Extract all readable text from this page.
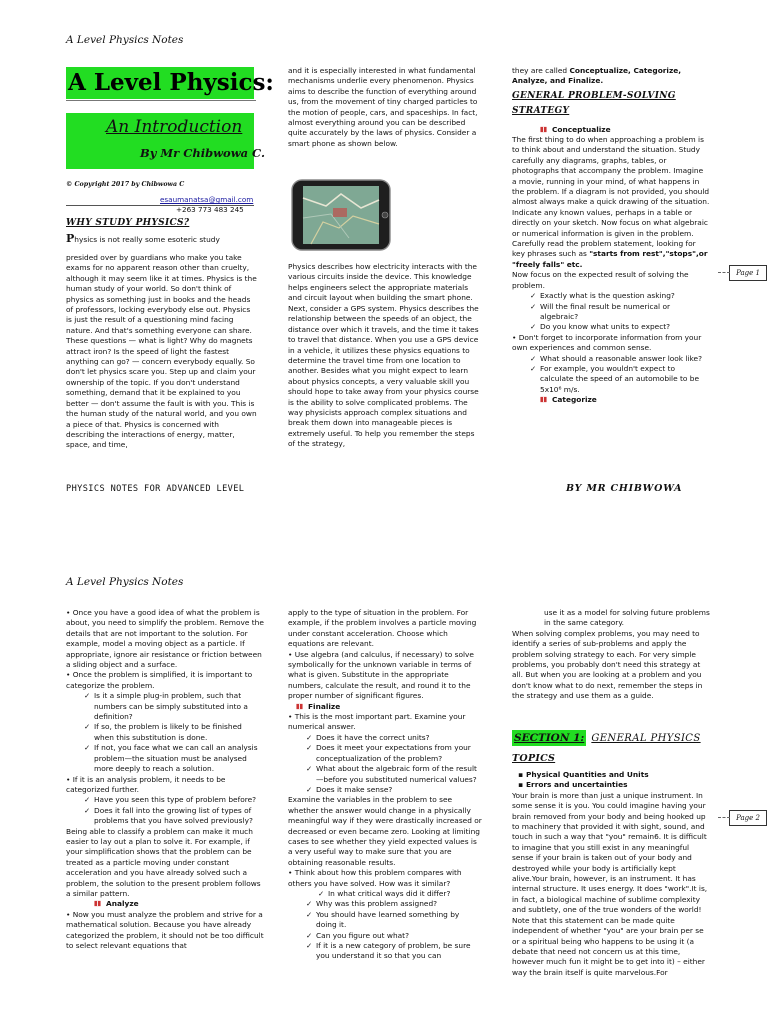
A Level Physics Notes
A Level Physics:
An Introduction
By Mr Chibwowa C.
© Copyright 2017 by Chibwowa C
esaumanatsa@gmail.com
+263 773 483 245
WHY STUDY PHYSICS?
Physics is not really some esoteric study
presided over by guardians who make you take exams for no apparent reason other than cruelty, although it may seem like it at times. Physics is the human study of your world. So don't think of physics as something just in books and the heads of professors, locking everybody else out. Physics is just the result of a questioning mind facing nature. And that's something everyone can share. These questions — what is light? Why do magnets attract iron? Is the speed of light the fastest anything can go? — concern everybody equally. So don't let physics scare you. Step up and claim your ownership of the topic. If you don't understand something, demand that it be explained to you better — don't assume the fault is with you. This is the human study of the natural world, and you own a piece of that. Physics is concerned with describing the interactions of energy, matter, space, and time,
and it is especially interested in what fundamental mechanisms underlie every phenomenon. Physics aims to describe the function of everything around us, from the movement of tiny charged particles to the motion of people, cars, and spaceships. In fact, almost everything around you can be described quite accurately by the laws of physics. Consider a smart phone as shown below.
Physics describes how electricity interacts with the various circuits inside the device. This knowledge helps engineers select the appropriate materials and circuit layout when building the smart phone.
Next, consider a GPS system. Physics describes the relationship between the speeds of an object, the distance over which it travels, and the time it takes to travel that distance. When you use a GPS device in a vehicle, it utilizes these physics equations to determine the travel time from one location to another. Besides what you might expect to learn about physics concepts, a very valuable skill you should hope to take away from your physics course is the ability to solve complicated problems. The way physicists approach complex situations and break them down into manageable pieces is extremely useful. To help you remember the steps of the strategy,
they are called Conceptualize, Categorize, Analyze, and Finalize.
GENERAL PROBLEM-SOLVING STRATEGY
Conceptualize
The first thing to do when approaching a problem is to think about and understand the situation. Study carefully any diagrams, graphs, tables, or photographs that accompany the problem. Imagine a movie, running in your mind, of what happens in the problem. If a diagram is not provided, you should almost always make a quick drawing of the situation. Indicate any known values, perhaps in a table or directly on your sketch. Now focus on what algebraic or numerical information is given in the problem. Carefully read the problem statement, looking for key phrases such as "starts from rest","stops",or "freely falls" etc.

Now focus on the expected result of solving the problem.

✓ Exactly what is the question asking?

✓ Will the final result be numerical or algebraic?

✓ Do you know what units to expect?

• Don't forget to incorporate information from your own experiences and common sense.

✓ What should a reasonable answer look like?

✓ For example, you wouldn't expect to calculate the speed of an automobile to be 5x10⁶ m/s.

Categorize

Page 1
PHYSICS NOTES FOR ADVANCED LEVEL	BY MR CHIBWOWA
A Level Physics Notes

• Once you have a good idea of what the problem is about, you need to simplify the problem. Remove the details that are not important to the solution. For example, model a moving object as a particle. If appropriate, ignore air resistance or friction between a sliding object and a surface.

• Once the problem is simplified, it is important to categorize the problem.

✓ Is it a simple plug-in problem, such that numbers can be simply substituted into a definition?

✓ If so, the problem is likely to be finished when this substitution is done.

✓ If not, you face what we can call an analysis problem—the situation must be analysed more deeply to reach a solution.

• If it is an analysis problem, it needs to be categorized further.

✓ Have you seen this type of problem before?

✓ Does it fall into the growing list of types of problems that you have solved previously?

Being able to classify a problem can make it much easier to lay out a plan to solve it. For example, if your simplification shows that the problem can be treated as a particle moving under constant acceleration and you have already solved such a problem, the solution to the present problem follows a similar pattern.

Analyze

• Now you must analyze the problem and strive for a mathematical solution. Because you have already categorized the problem, it should not be too difficult to select relevant equations that

apply to the type of situation in the problem. For example, if the problem involves a particle moving under constant acceleration. Choose which equations are relevant.

• Use algebra (and calculus, if necessary) to solve symbolically for the unknown variable in terms of what is given. Substitute in the appropriate numbers, calculate the result, and round it to the proper number of significant figures.

Finalize

• This is the most important part. Examine your numerical answer.

✓ Does it have the correct units?

✓ Does it meet your expectations from your conceptualization of the problem?

✓ What about the algebraic form of the result—before you substituted numerical values?

✓ Does it make sense?

Examine the variables in the problem to see whether the answer would change in a physically meaningful way if they were drastically increased or decreased or even became zero. Looking at limiting cases to see whether they yield expected values is a very useful way to make sure that you are obtaining reasonable results.

• Think about how this problem compares with others you have solved. How was it similar?

✓ In what critical ways did it differ?

✓ Why was this problem assigned?

✓ You should have learned something by doing it.

✓ Can you figure out what?

✓ If it is a new category of problem, be sure you understand it so that you can

use it as a model for solving future problems in the same category.

When solving complex problems, you may need to identify a series of sub-problems and apply the problem solving strategy to each. For very simple problems, you probably don't need this strategy at all. But when you are looking at a problem and you don't know what to do next, remember the steps in the strategy and use them as a guide.

SECTION 1: GENERAL PHYSICS
TOPICS

▪ Physical Quantities and Units

▪ Errors and uncertainties

Your brain is more than just a unique instrument. In some sense it is you. You could imagine having your brain removed from your body and being hooked up to machinery that provided it with sight, sound, and touch in such a way that "you" remain6. It is difficult to imagine that you still exist in any meaningful sense if your brain is taken out of your body and destroyed while your body is artificially kept alive.Your brain, however, is an instrument. It has internal structure. It uses energy. It does "work".It is, in fact, a biological machine of sublime complexity and subtlety, one of the true wonders of the world! Note that this statement can be made quite independent of whether "you" are your brain per se or a spiritual being who happens to be using it (a debate that need not concern us at this time, however much fun it might be to get into it) – either way the brain itself is quite marvelous.For

Page 2
